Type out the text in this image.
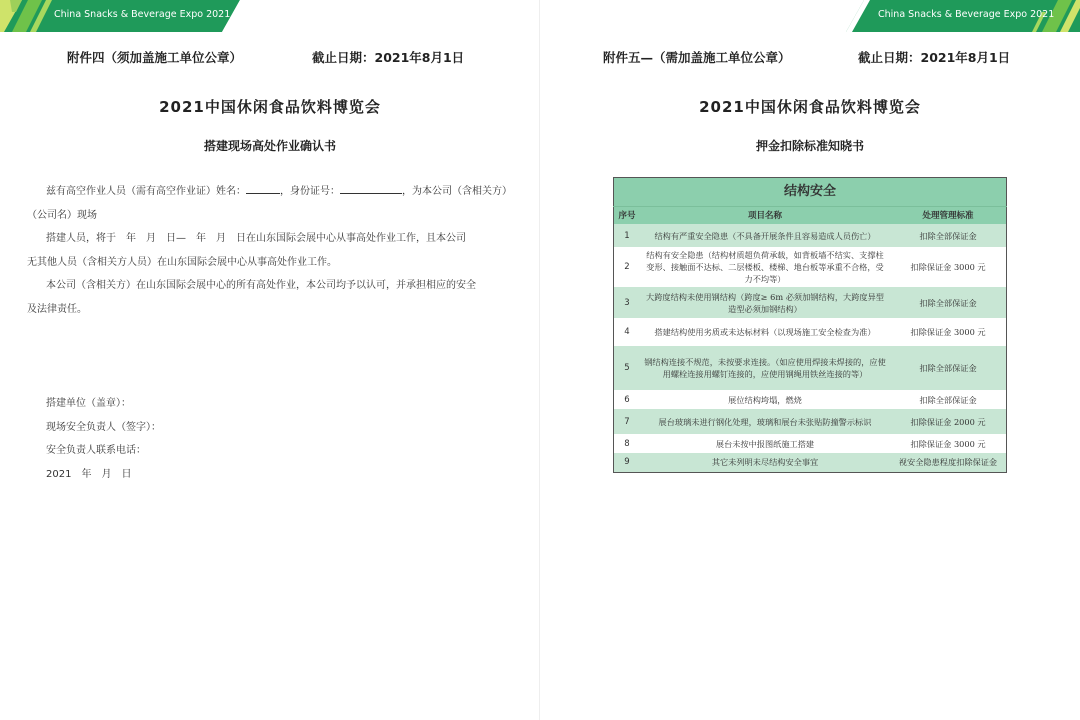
China Snacks & Beverage Expo 2021
附件四（须加盖施工单位公章）	截止日期：2021年8月1日
2021中国休闲食品饮料博览会
搭建现场高处作业确认书

兹有高空作业人员（需有高空作业证）姓名：	，身份证号：	，为本公司（含相关方）

（公司名）现场

搭建人员，将于　年　月　日—　年　月　日在山东国际会展中心从事高处作业工作，且本公司

无其他人员（含相关方人员）在山东国际会展中心从事高处作业工作。

本公司（含相关方）在山东国际会展中心的所有高处作业，本公司均予以认可，并承担相应的安全

及法律责任。

搭建单位（盖章）：
现场安全负责人（签字）：
安全负责人联系电话：
2021　年　月　日
China Snacks & Beverage Expo 2021
附件五—（需加盖施工单位公章）	截止日期：2021年8月1日
2021中国休闲食品饮料博览会
押金扣除标准知晓书
结构安全		
序号	项目名称	处理管理标准
1	结构有严重安全隐患（不具备开展条件且容易造成人员伤亡）	扣除全部保证金
2	结构有安全隐患（结构材质超负荷承载，如背板墙不结实、支撑柱变形、接触面不达标、二层楼板、楼梯、地台板等承重不合格，受力不均等）	扣除保证金 3000 元
3	大跨度结构未使用钢结构（跨度≥ 6m 必须加钢结构，大跨度异型造型必须加钢结构）	扣除全部保证金
4	搭建结构使用劣质或未达标材料（以现场施工安全检查为准）	扣除保证金 3000 元
5	钢结构连接不规范，未按要求连接。（如应使用焊接未焊接的，应使用螺栓连接用螺钉连接的，应使用钢绳用铁丝连接的等）	扣除全部保证金
6	展位结构垮塌，燃烧	扣除全部保证金
7	展台玻璃未进行钢化处理，玻璃和展台未张贴防撞警示标识	扣除保证金 2000 元
8	展台未按中报图纸施工搭建	扣除保证金 3000 元
9	其它未列明未尽结构安全事宜	视安全隐患程度扣除保证金
